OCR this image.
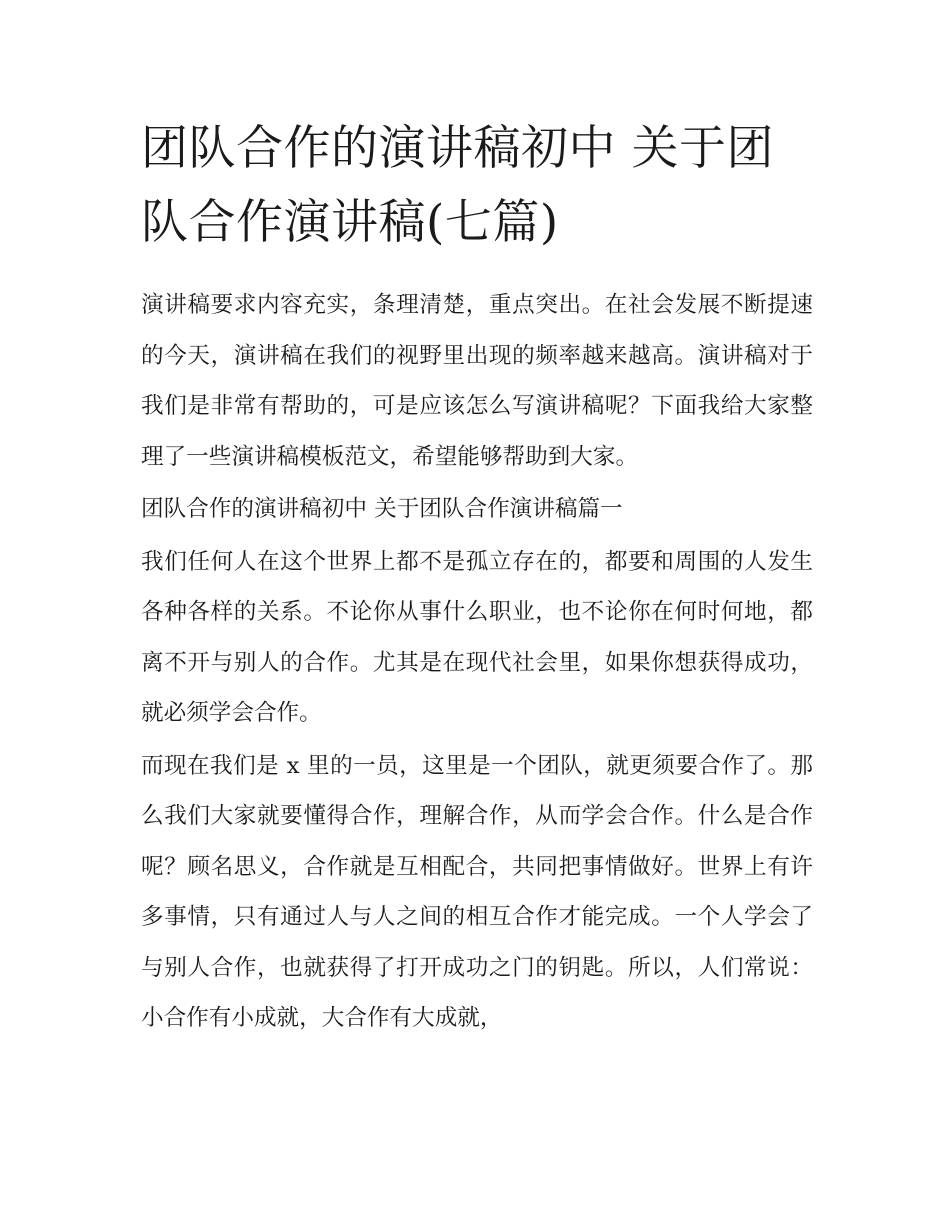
团队合作的演讲稿初中 关于团队合作演讲稿(七篇)

演讲稿要求内容充实，条理清楚，重点突出。在社会发展不断提速的今天，演讲稿在我们的视野里出现的频率越来越高。演讲稿对于我们是非常有帮助的，可是应该怎么写演讲稿呢？下面我给大家整理了一些演讲稿模板范文，希望能够帮助到大家。

团队合作的演讲稿初中 关于团队合作演讲稿篇一

我们任何人在这个世界上都不是孤立存在的，都要和周围的人发生各种各样的关系。不论你从事什么职业，也不论你在何时何地，都离不开与别人的合作。尤其是在现代社会里，如果你想获得成功，就必须学会合作。

而现在我们是 x 里的一员，这里是一个团队，就更须要合作了。那么我们大家就要懂得合作，理解合作，从而学会合作。什么是合作呢？顾名思义，合作就是互相配合，共同把事情做好。世界上有许多事情，只有通过人与人之间的相互合作才能完成。一个人学会了与别人合作，也就获得了打开成功之门的钥匙。所以，人们常说：小合作有小成就，大合作有大成就，
